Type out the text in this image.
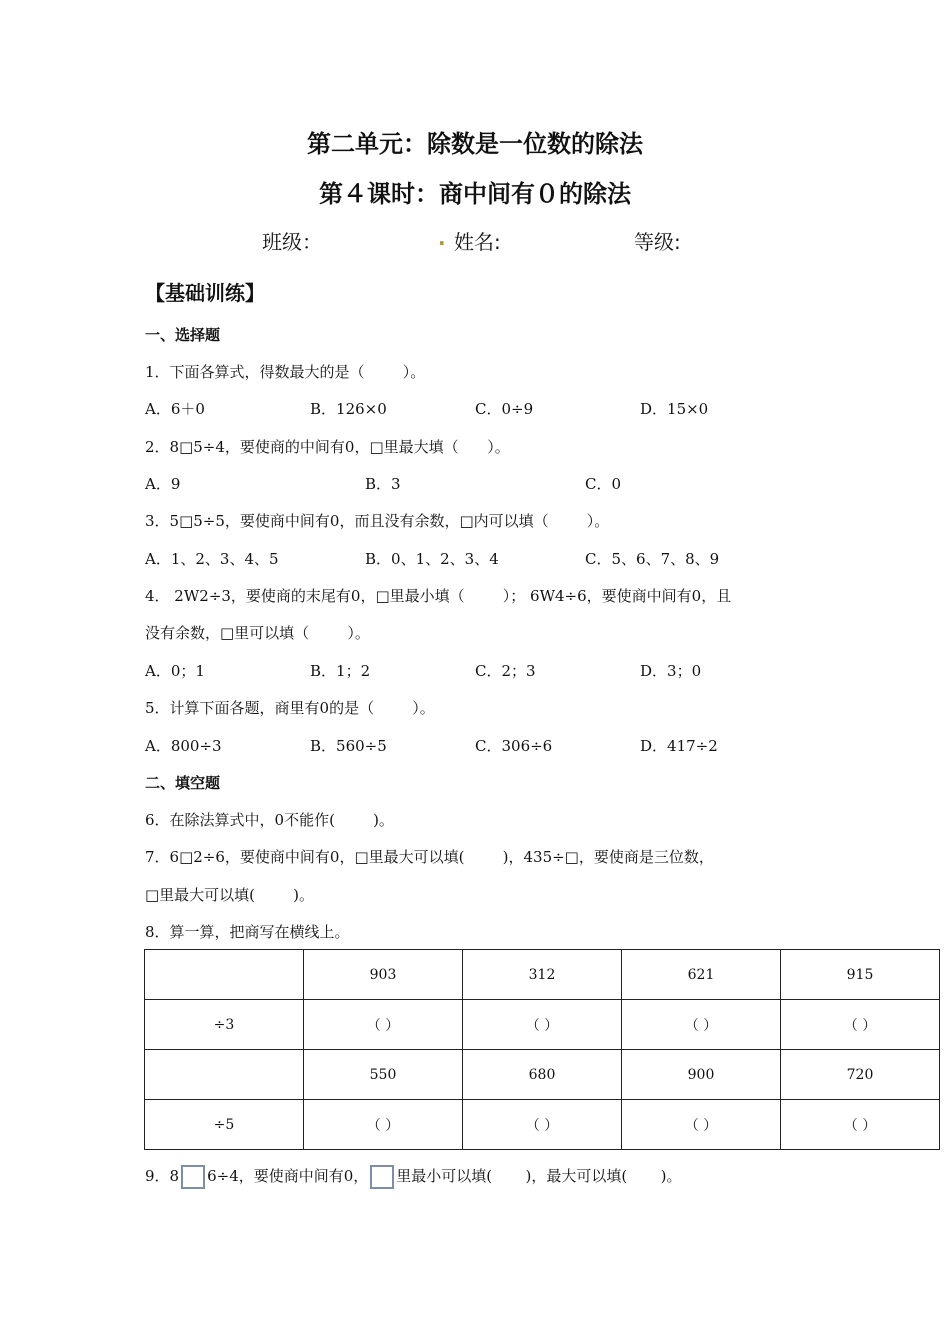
第二单元：除数是一位数的除法
第４课时：商中间有０的除法
班级：	. 姓名:	等级:
【基础训练】
一、选择题
1．下面各算式，得数最大的是（        ）。
A．6＋0	B．126×0	C．0÷9	D．15×0
2．8□5÷4，要使商的中间有0，□里最大填（      ）。
A．9	B．3	C．0
3．5□5÷5，要使商中间有0，而且没有余数，□内可以填（        ）。
A．1、2、3、4、5	B．0、1、2、3、4	C．5、6、7、8、9
4． 2W2÷3，要使商的末尾有0，□里最小填（        ）； 6W4÷6，要使商中间有0，且
没有余数，□里可以填（        ）。
A．0；1	B．1；2	C．2；3	D．3；0
5．计算下面各题，商里有0的是（        ）。
A．800÷3	B．560÷5	C．306÷6	D．417÷2
二、填空题
6．在除法算式中，0不能作(        )。
7．6□2÷6，要使商中间有0，□里最大可以填(        )，435÷□，要使商是三位数，
□里最大可以填(        )。
8．算一算，把商写在横线上。
	903	312	621	915
÷3	（ ）	（ ）	（ ）	（ ）
	550	680	900	720
÷5	（ ）	（ ）	（ ）	（ ）
9．8 6÷4，要使商中间有0， 里最小可以填(       )，最大可以填(       )。
